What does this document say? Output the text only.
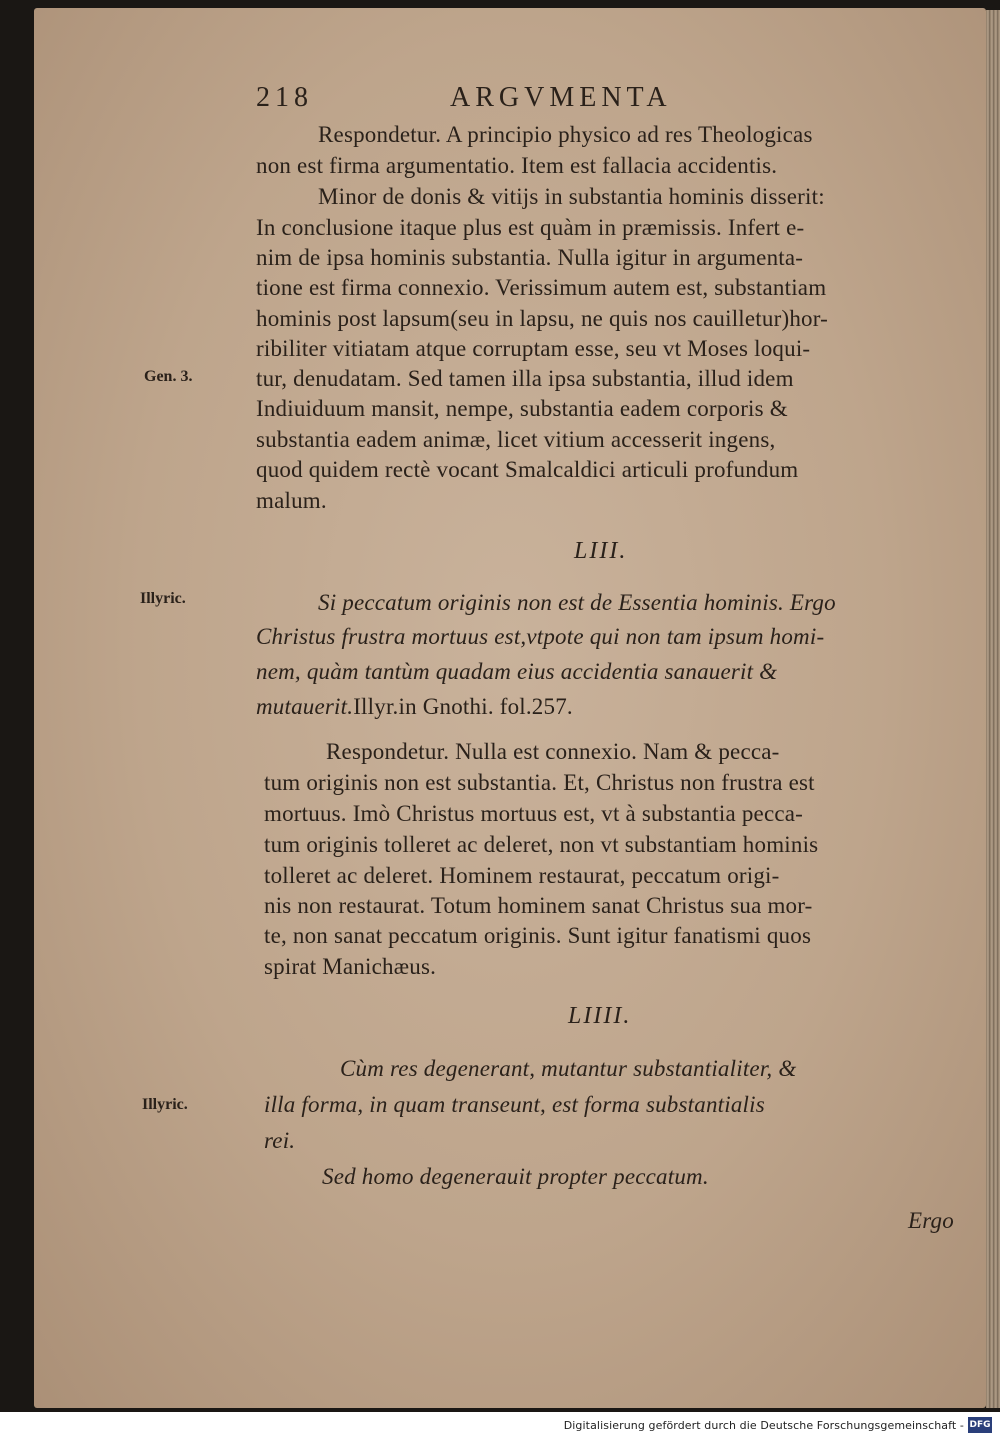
218	ARGVMENTA
Gen. 3.
Illyric.
Illyric.
Respondetur. A principio physico ad res Theologicas
non est firma argumentatio. Item est fallacia accidentis.
Minor de donis & vitijs in substantia hominis disserit:
In conclusione itaque plus est quàm in præmissis. Infert e-
nim de ipsa hominis substantia. Nulla igitur in argumenta-
tione est firma connexio. Verissimum autem est, substantiam
hominis post lapsum(seu in lapsu, ne quis nos cauilletur)hor-
ribiliter vitiatam atque corruptam esse, seu vt Moses loqui-
tur, denudatam. Sed tamen illa ipsa substantia, illud idem
Indiuiduum mansit, nempe, substantia eadem corporis &
substantia eadem animæ, licet vitium accesserit ingens,
quod quidem rectè vocant Smalcaldici articuli profundum
malum.
LIII.
Si peccatum originis non est de Essentia hominis. Ergo
Christus frustra mortuus est,vtpote qui non tam ipsum homi-
nem, quàm tantùm quadam eius accidentia sanauerit &
mutauerit.Illyr.in Gnothi. fol.257.
Respondetur. Nulla est connexio. Nam & pecca-
tum originis non est substantia. Et, Christus non frustra est
mortuus. Imò Christus mortuus est, vt à substantia pecca-
tum originis tolleret ac deleret, non vt substantiam hominis
tolleret ac deleret. Hominem restaurat, peccatum origi-
nis non restaurat. Totum hominem sanat Christus sua mor-
te, non sanat peccatum originis. Sunt igitur fanatismi quos
spirat Manichæus.
LIIII.
Cùm res degenerant, mutantur substantialiter, &
illa forma, in quam transeunt, est forma substantialis
rei.
Sed homo degenerauit propter peccatum.
Ergo
Digitalisierung gefördert durch die Deutsche Forschungsgemeinschaft - DFG
